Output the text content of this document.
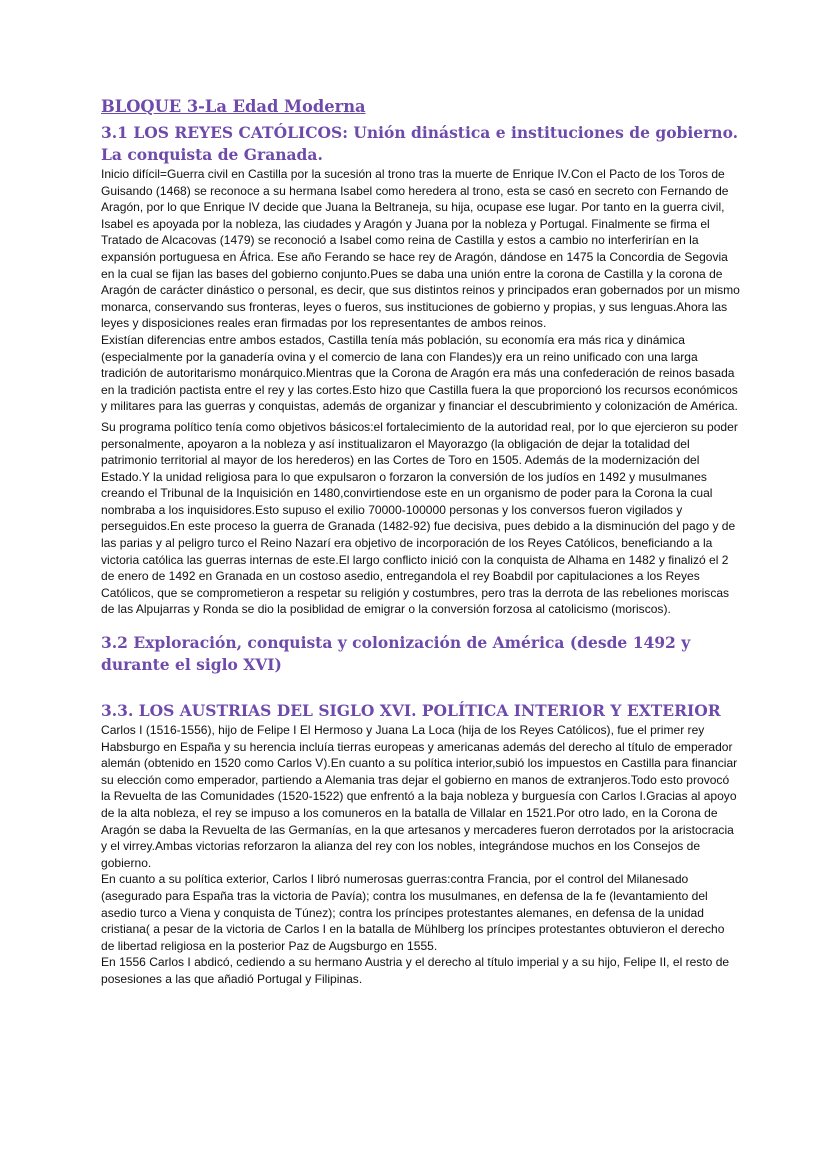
BLOQUE 3-La Edad Moderna
3.1 LOS REYES CATÓLICOS: Unión dinástica e instituciones de gobierno. La conquista de Granada.

Inicio difícil=Guerra civil en Castilla por la sucesión al trono tras la muerte de Enrique IV.Con el Pacto de los Toros de Guisando (1468) se reconoce a su hermana Isabel como heredera al trono, esta se casó en secreto con Fernando de Aragón, por lo que Enrique IV decide que Juana la Beltraneja, su hija, ocupase ese lugar. Por tanto en la guerra civil, Isabel es apoyada por la nobleza, las ciudades y Aragón y Juana por la nobleza y Portugal. Finalmente se firma el Tratado de Alcacovas (1479) se reconoció a Isabel como reina de Castilla y estos a cambio no interferirían en la expansión portuguesa en África. Ese año Ferando se hace rey de Aragón, dándose en 1475 la Concordia de Segovia en la cual se fijan las bases del gobierno conjunto.Pues se daba una unión entre la corona de Castilla y la corona de Aragón de carácter dinástico o personal, es decir, que sus distintos reinos y principados eran gobernados por un mismo monarca, conservando sus fronteras, leyes o fueros, sus instituciones de gobierno y propias, y sus lenguas.Ahora las leyes y disposiciones reales eran firmadas por los representantes de ambos reinos.

Existían diferencias entre ambos estados, Castilla tenía más población, su economía era más rica y dinámica (especialmente por la ganadería ovina y el comercio de lana con Flandes)y era un reino unificado con una larga tradición de autoritarismo monárquico.Mientras que la Corona de Aragón era más una confederación de reinos basada en la tradición pactista entre el rey y las cortes.Esto hizo que Castilla fuera la que proporcionó los recursos económicos y militares para las guerras y conquistas, además de organizar y financiar el descubrimiento y colonización de América.

Su programa político tenía como objetivos básicos:el fortalecimiento de la autoridad real, por lo que ejercieron su poder personalmente, apoyaron a la nobleza y así institualizaron el Mayorazgo (la obligación de dejar la totalidad del patrimonio territorial al mayor de los herederos) en las Cortes de Toro en 1505. Además de la modernización del Estado.Y la unidad religiosa para lo que expulsaron o forzaron la conversión de los judíos en 1492 y musulmanes creando el Tribunal de la Inquisición en 1480,convirtiendose este en un organismo de poder para la Corona la cual nombraba a los inquisidores.Esto supuso el exilio 70000-100000 personas y los conversos fueron vigilados y perseguidos.En este proceso la guerra de Granada (1482-92) fue decisiva, pues debido a la disminución del pago y de las parias y al peligro turco el Reino Nazarí era objetivo de incorporación de los Reyes Católicos, beneficiando a la victoria católica las guerras internas de este.El largo conflicto inició con la conquista de Alhama en 1482 y finalizó el 2 de enero de 1492 en Granada en un costoso asedio, entregandola el rey Boabdil por capitulaciones a los Reyes Católicos, que se comprometieron a respetar su religión y costumbres, pero tras la derrota de las rebeliones moriscas de las Alpujarras y Ronda se dio la posiblidad de emigrar o la conversión forzosa al catolicismo (moriscos).

3.2 Exploración, conquista y colonización de América (desde 1492 y durante el siglo XVI)
3.3. LOS AUSTRIAS DEL SIGLO XVI. POLÍTICA INTERIOR Y EXTERIOR

Carlos I (1516-1556), hijo de Felipe I El Hermoso y Juana La Loca (hija de los Reyes Católicos), fue el primer rey Habsburgo en España y su herencia incluía tierras europeas y americanas además del derecho al título de emperador alemán (obtenido en 1520 como Carlos V).En cuanto a su política interior,subió los impuestos en Castilla para financiar su elección como emperador, partiendo a Alemania tras dejar el gobierno en manos de extranjeros.Todo esto provocó la Revuelta de las Comunidades (1520-1522) que enfrentó a la baja nobleza y burguesía con Carlos I.Gracias al apoyo de la alta nobleza, el rey se impuso a los comuneros en la batalla de Villalar en 1521.Por otro lado, en la Corona de Aragón se daba la Revuelta de las Germanías, en la que artesanos y mercaderes fueron derrotados por la aristocracia y el virrey.Ambas victorias reforzaron la alianza del rey con los nobles, integrándose muchos en los Consejos de gobierno.

En cuanto a su política exterior, Carlos I libró numerosas guerras:contra Francia, por el control del Milanesado (asegurado para España tras la victoria de Pavía); contra los musulmanes, en defensa de la fe (levantamiento del asedio turco a Viena y conquista de Túnez); contra los príncipes protestantes alemanes, en defensa de la unidad cristiana( a pesar de la victoria de Carlos I en la batalla de Mühlberg los príncipes protestantes obtuvieron el derecho de libertad religiosa en la posterior Paz de Augsburgo en 1555.

En 1556 Carlos I abdicó, cediendo a su hermano Austria y el derecho al título imperial y a su hijo, Felipe II, el resto de posesiones a las que añadió Portugal y Filipinas.
